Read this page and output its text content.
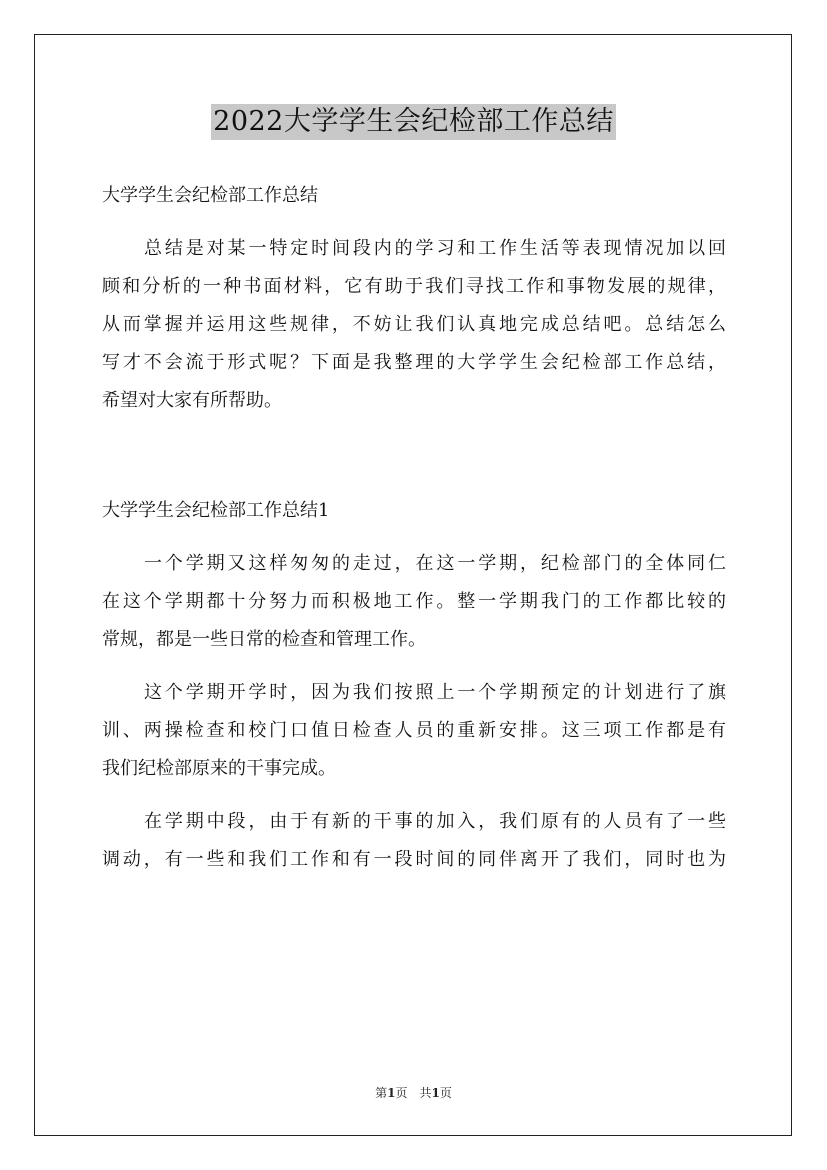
2022大学学生会纪检部工作总结
大学学生会纪检部工作总结
总结是对某一特定时间段内的学习和工作生活等表现情况加以回
顾和分析的一种书面材料，它有助于我们寻找工作和事物发展的规律，
从而掌握并运用这些规律，不妨让我们认真地完成总结吧。总结怎么
写才不会流于形式呢？下面是我整理的大学学生会纪检部工作总结，
希望对大家有所帮助。
大学学生会纪检部工作总结1
一个学期又这样匆匆的走过，在这一学期，纪检部门的全体同仁
在这个学期都十分努力而积极地工作。整一学期我门的工作都比较的
常规，都是一些日常的检查和管理工作。
这个学期开学时，因为我们按照上一个学期预定的计划进行了旗
训、两操检查和校门口值日检查人员的重新安排。这三项工作都是有
我们纪检部原来的干事完成。
在学期中段，由于有新的干事的加入，我们原有的人员有了一些
调动，有一些和我们工作和有一段时间的同伴离开了我们，同时也为
第1页　共1页
